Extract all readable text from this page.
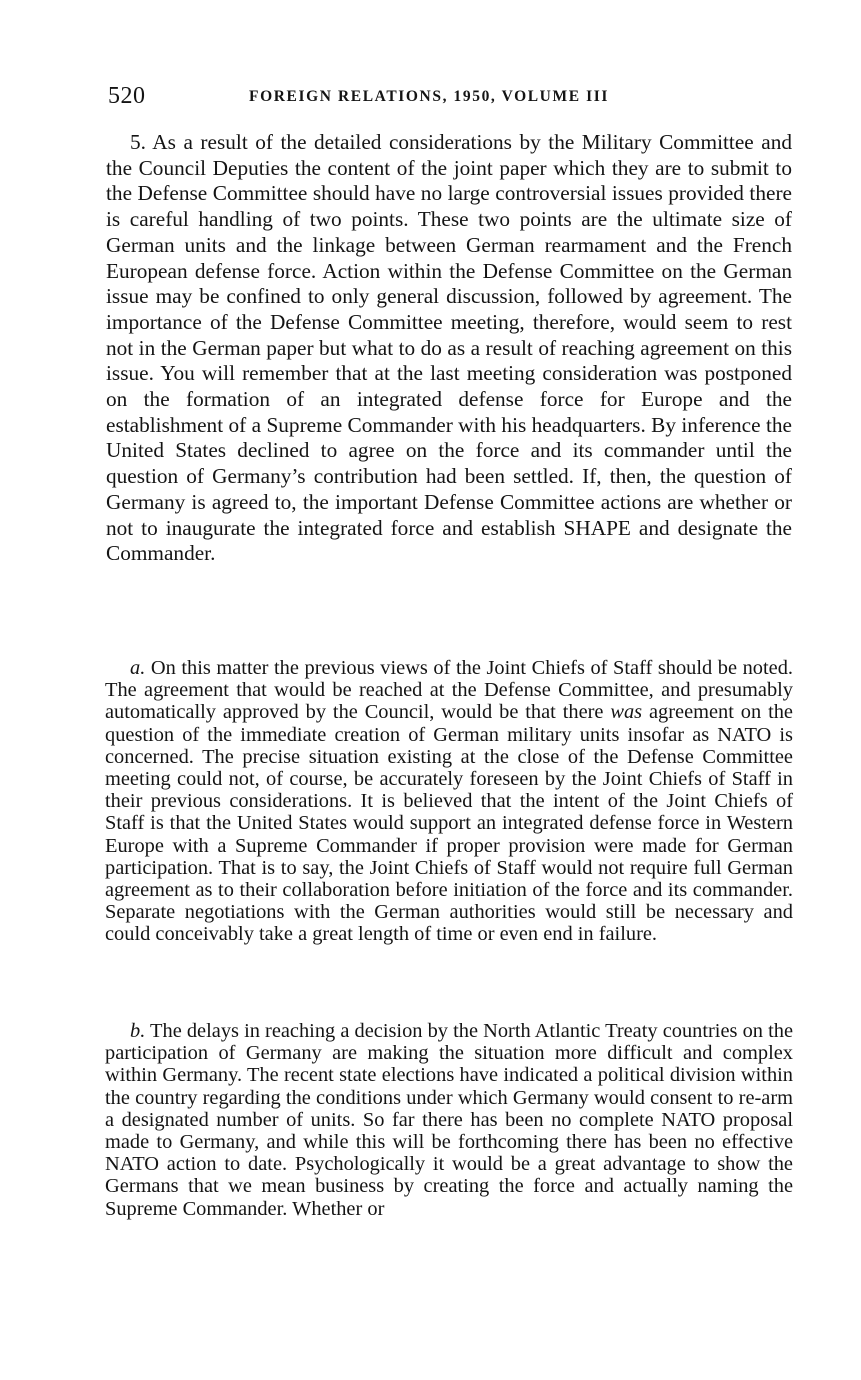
520	FOREIGN RELATIONS, 1950, VOLUME III

5. As a result of the detailed considerations by the Military Committee and the Council Deputies the content of the joint paper which they are to submit to the Defense Committee should have no large controversial issues provided there is careful handling of two points. These two points are the ultimate size of German units and the linkage between German rearmament and the French European defense force. Action within the Defense Committee on the German issue may be confined to only general discussion, followed by agreement. The importance of the Defense Committee meeting, therefore, would seem to rest not in the German paper but what to do as a result of reaching agreement on this issue. You will remember that at the last meeting consideration was postponed on the formation of an integrated defense force for Europe and the establishment of a Supreme Commander with his headquarters. By inference the United States declined to agree on the force and its commander until the question of Germany’s contribution had been settled. If, then, the question of Germany is agreed to, the important Defense Committee actions are whether or not to inaugurate the integrated force and establish SHAPE and designate the Commander.

a. On this matter the previous views of the Joint Chiefs of Staff should be noted. The agreement that would be reached at the Defense Committee, and presumably automatically approved by the Council, would be that there was agreement on the question of the immediate creation of German military units insofar as NATO is concerned. The precise situation existing at the close of the Defense Committee meeting could not, of course, be accurately foreseen by the Joint Chiefs of Staff in their previous considerations. It is believed that the intent of the Joint Chiefs of Staff is that the United States would support an integrated defense force in Western Europe with a Supreme Commander if proper provision were made for German participation. That is to say, the Joint Chiefs of Staff would not require full German agreement as to their collaboration before initiation of the force and its commander. Separate negotiations with the German authorities would still be necessary and could conceivably take a great length of time or even end in failure.

b. The delays in reaching a decision by the North Atlantic Treaty countries on the participation of Germany are making the situation more difficult and complex within Germany. The recent state elections have indicated a political division within the country regarding the conditions under which Germany would consent to re-arm a designated number of units. So far there has been no complete NATO proposal made to Germany, and while this will be forthcoming there has been no effective NATO action to date. Psychologically it would be a great advantage to show the Germans that we mean business by creating the force and actually naming the Supreme Commander. Whether or
